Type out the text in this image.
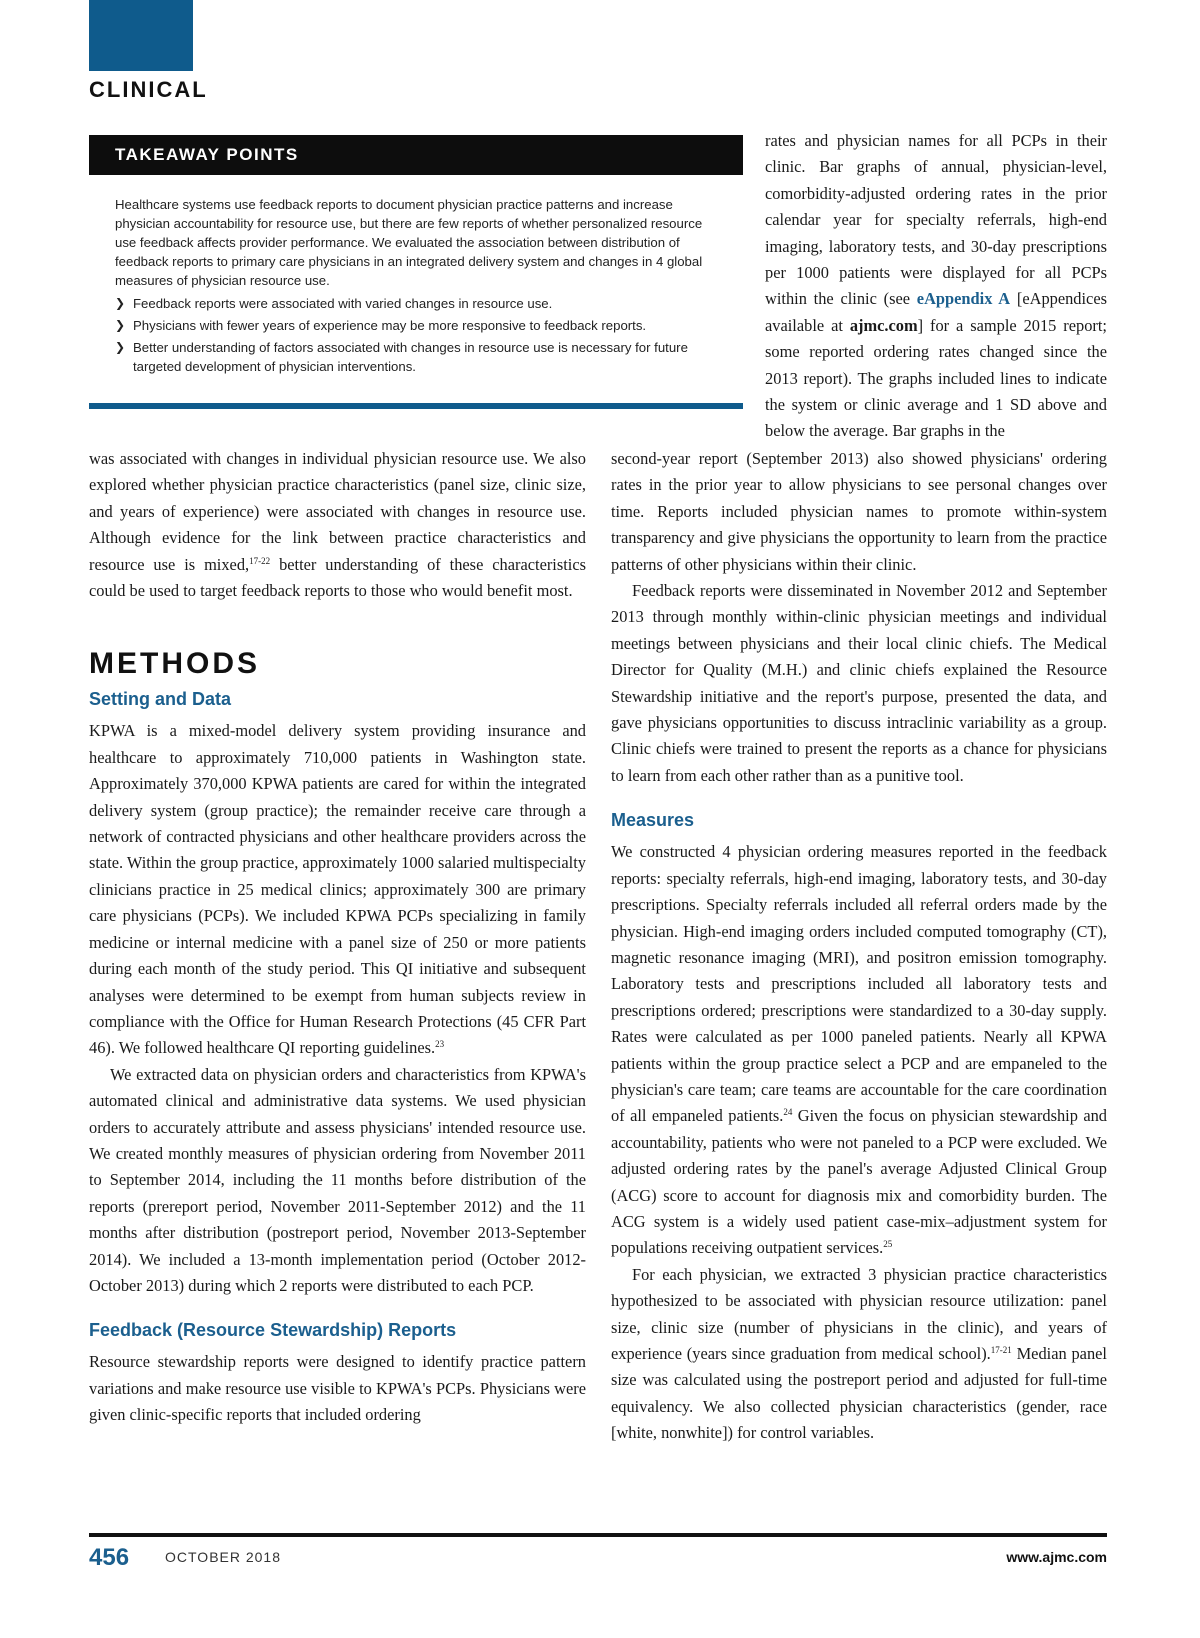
CLINICAL
TAKEAWAY POINTS

Healthcare systems use feedback reports to document physician practice patterns and increase physician accountability for resource use, but there are few reports of whether personalized resource use feedback affects provider performance. We evaluated the association between distribution of feedback reports to primary care physicians in an integrated delivery system and changes in 4 global measures of physician resource use.

❯ Feedback reports were associated with varied changes in resource use.
❯ Physicians with fewer years of experience may be more responsive to feedback reports.
❯ Better understanding of factors associated with changes in resource use is necessary for future targeted development of physician interventions.

rates and physician names for all PCPs in their clinic. Bar graphs of annual, physician-level, comorbidity-adjusted ordering rates in the prior calendar year for specialty referrals, high-end imaging, laboratory tests, and 30-day prescriptions per 1000 patients were displayed for all PCPs within the clinic (see eAppendix A [eAppendices available at ajmc.com] for a sample 2015 report; some reported ordering rates changed since the 2013 report). The graphs included lines to indicate the system or clinic average and 1 SD above and below the average. Bar graphs in the

was associated with changes in individual physician resource use. We also explored whether physician practice characteristics (panel size, clinic size, and years of experience) were associated with changes in resource use. Although evidence for the link between practice characteristics and resource use is mixed,$^{17-22}$ better understanding of these characteristics could be used to target feedback reports to those who would benefit most.

METHODS
Setting and Data

KPWA is a mixed-model delivery system providing insurance and healthcare to approximately 710,000 patients in Washington state. Approximately 370,000 KPWA patients are cared for within the integrated delivery system (group practice); the remainder receive care through a network of contracted physicians and other healthcare providers across the state. Within the group practice, approximately 1000 salaried multispecialty clinicians practice in 25 medical clinics; approximately 300 are primary care physicians (PCPs). We included KPWA PCPs specializing in family medicine or internal medicine with a panel size of 250 or more patients during each month of the study period. This QI initiative and subsequent analyses were determined to be exempt from human subjects review in compliance with the Office for Human Research Protections (45 CFR Part 46). We followed healthcare QI reporting guidelines.$^{23}$

We extracted data on physician orders and characteristics from KPWA's automated clinical and administrative data systems. We used physician orders to accurately attribute and assess physicians' intended resource use. We created monthly measures of physician ordering from November 2011 to September 2014, including the 11 months before distribution of the reports (prereport period, November 2011-September 2012) and the 11 months after distribution (postreport period, November 2013-September 2014). We included a 13-month implementation period (October 2012-October 2013) during which 2 reports were distributed to each PCP.

Feedback (Resource Stewardship) Reports

Resource stewardship reports were designed to identify practice pattern variations and make resource use visible to KPWA's PCPs. Physicians were given clinic-specific reports that included ordering

second-year report (September 2013) also showed physicians' ordering rates in the prior year to allow physicians to see personal changes over time. Reports included physician names to promote within-system transparency and give physicians the opportunity to learn from the practice patterns of other physicians within their clinic.

Feedback reports were disseminated in November 2012 and September 2013 through monthly within-clinic physician meetings and individual meetings between physicians and their local clinic chiefs. The Medical Director for Quality (M.H.) and clinic chiefs explained the Resource Stewardship initiative and the report's purpose, presented the data, and gave physicians opportunities to discuss intraclinic variability as a group. Clinic chiefs were trained to present the reports as a chance for physicians to learn from each other rather than as a punitive tool.

Measures

We constructed 4 physician ordering measures reported in the feedback reports: specialty referrals, high-end imaging, laboratory tests, and 30-day prescriptions. Specialty referrals included all referral orders made by the physician. High-end imaging orders included computed tomography (CT), magnetic resonance imaging (MRI), and positron emission tomography. Laboratory tests and prescriptions included all laboratory tests and prescriptions ordered; prescriptions were standardized to a 30-day supply. Rates were calculated as per 1000 paneled patients. Nearly all KPWA patients within the group practice select a PCP and are empaneled to the physician's care team; care teams are accountable for the care coordination of all empaneled patients.$^{24}$ Given the focus on physician stewardship and accountability, patients who were not paneled to a PCP were excluded. We adjusted ordering rates by the panel's average Adjusted Clinical Group (ACG) score to account for diagnosis mix and comorbidity burden. The ACG system is a widely used patient case-mix–adjustment system for populations receiving outpatient services.$^{25}$

For each physician, we extracted 3 physician practice characteristics hypothesized to be associated with physician resource utilization: panel size, clinic size (number of physicians in the clinic), and years of experience (years since graduation from medical school).$^{17-21}$ Median panel size was calculated using the postreport period and adjusted for full-time equivalency. We also collected physician characteristics (gender, race [white, nonwhite]) for control variables.

456	OCTOBER 2018	www.ajmc.com
